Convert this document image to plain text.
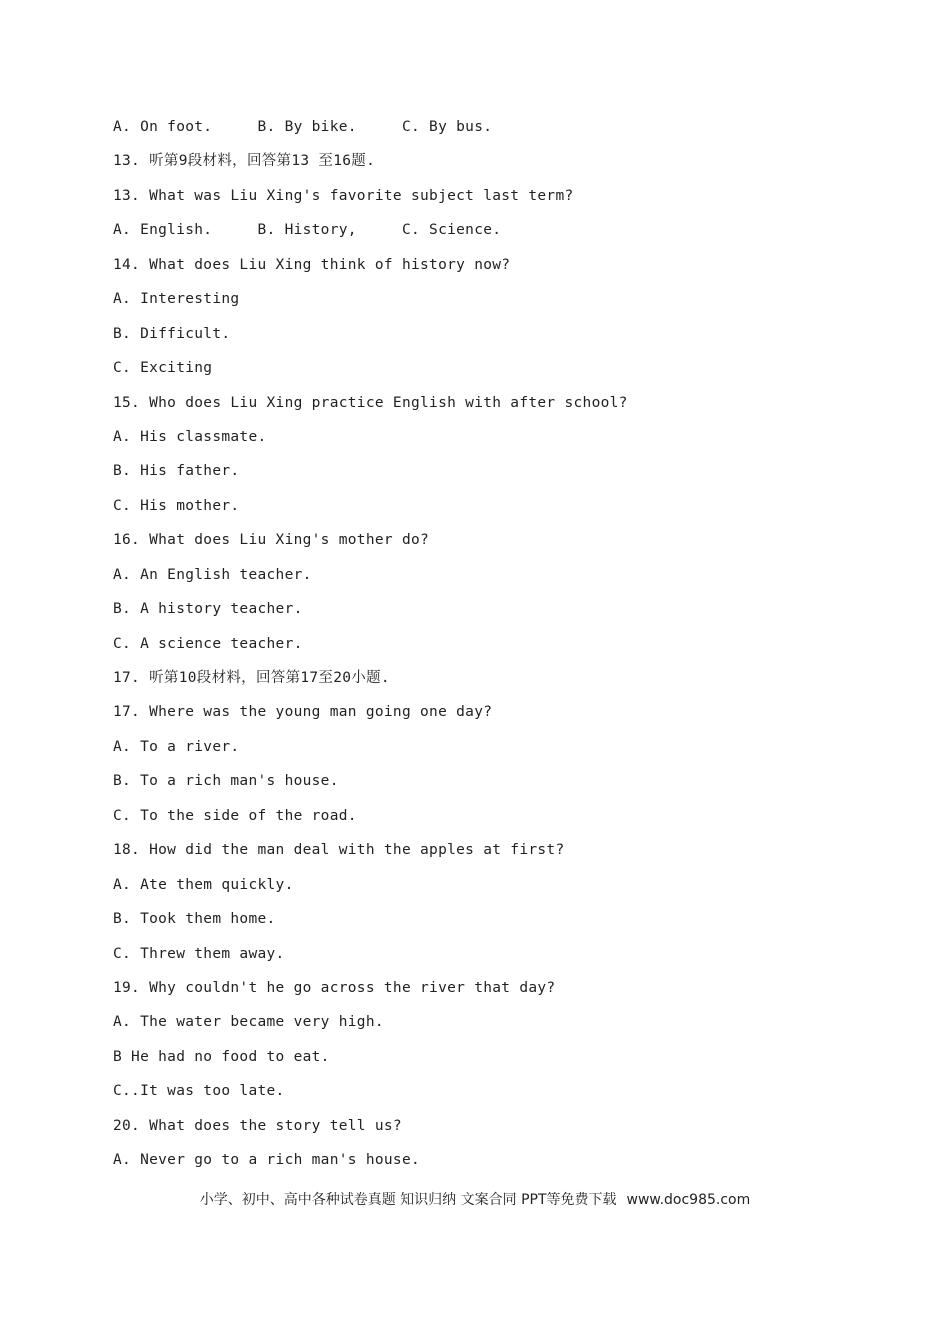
A. On foot.     B. By bike.     C. By bus.
13. 听第9段材料，回答第13 至16题.
13. What was Liu Xing's favorite subject last term?
A. English.     B. History,     C. Science.
14. What does Liu Xing think of history now?
A. Interesting
B. Difficult.
C. Exciting
15. Who does Liu Xing practice English with after school?
A. His classmate.
B. His father.
C. His mother.
16. What does Liu Xing's mother do?
A. An English teacher.
B. A history teacher.
C. A science teacher.
17. 听第10段材料，回答第17至20小题.
17. Where was the young man going one day?
A. To a river.
B. To a rich man's house.
C. To the side of the road.
18. How did the man deal with the apples at first?
A. Ate them quickly.
B. Took them home.
C. Threw them away.
19. Why couldn't he go across the river that day?
A. The water became very high.
B He had no food to eat.
C..It was too late.
20. What does the story tell us?
A. Never go to a rich man's house.
小学、初中、高中各种试卷真题 知识归纳 文案合同 PPT等免费下载 www.doc985.com
